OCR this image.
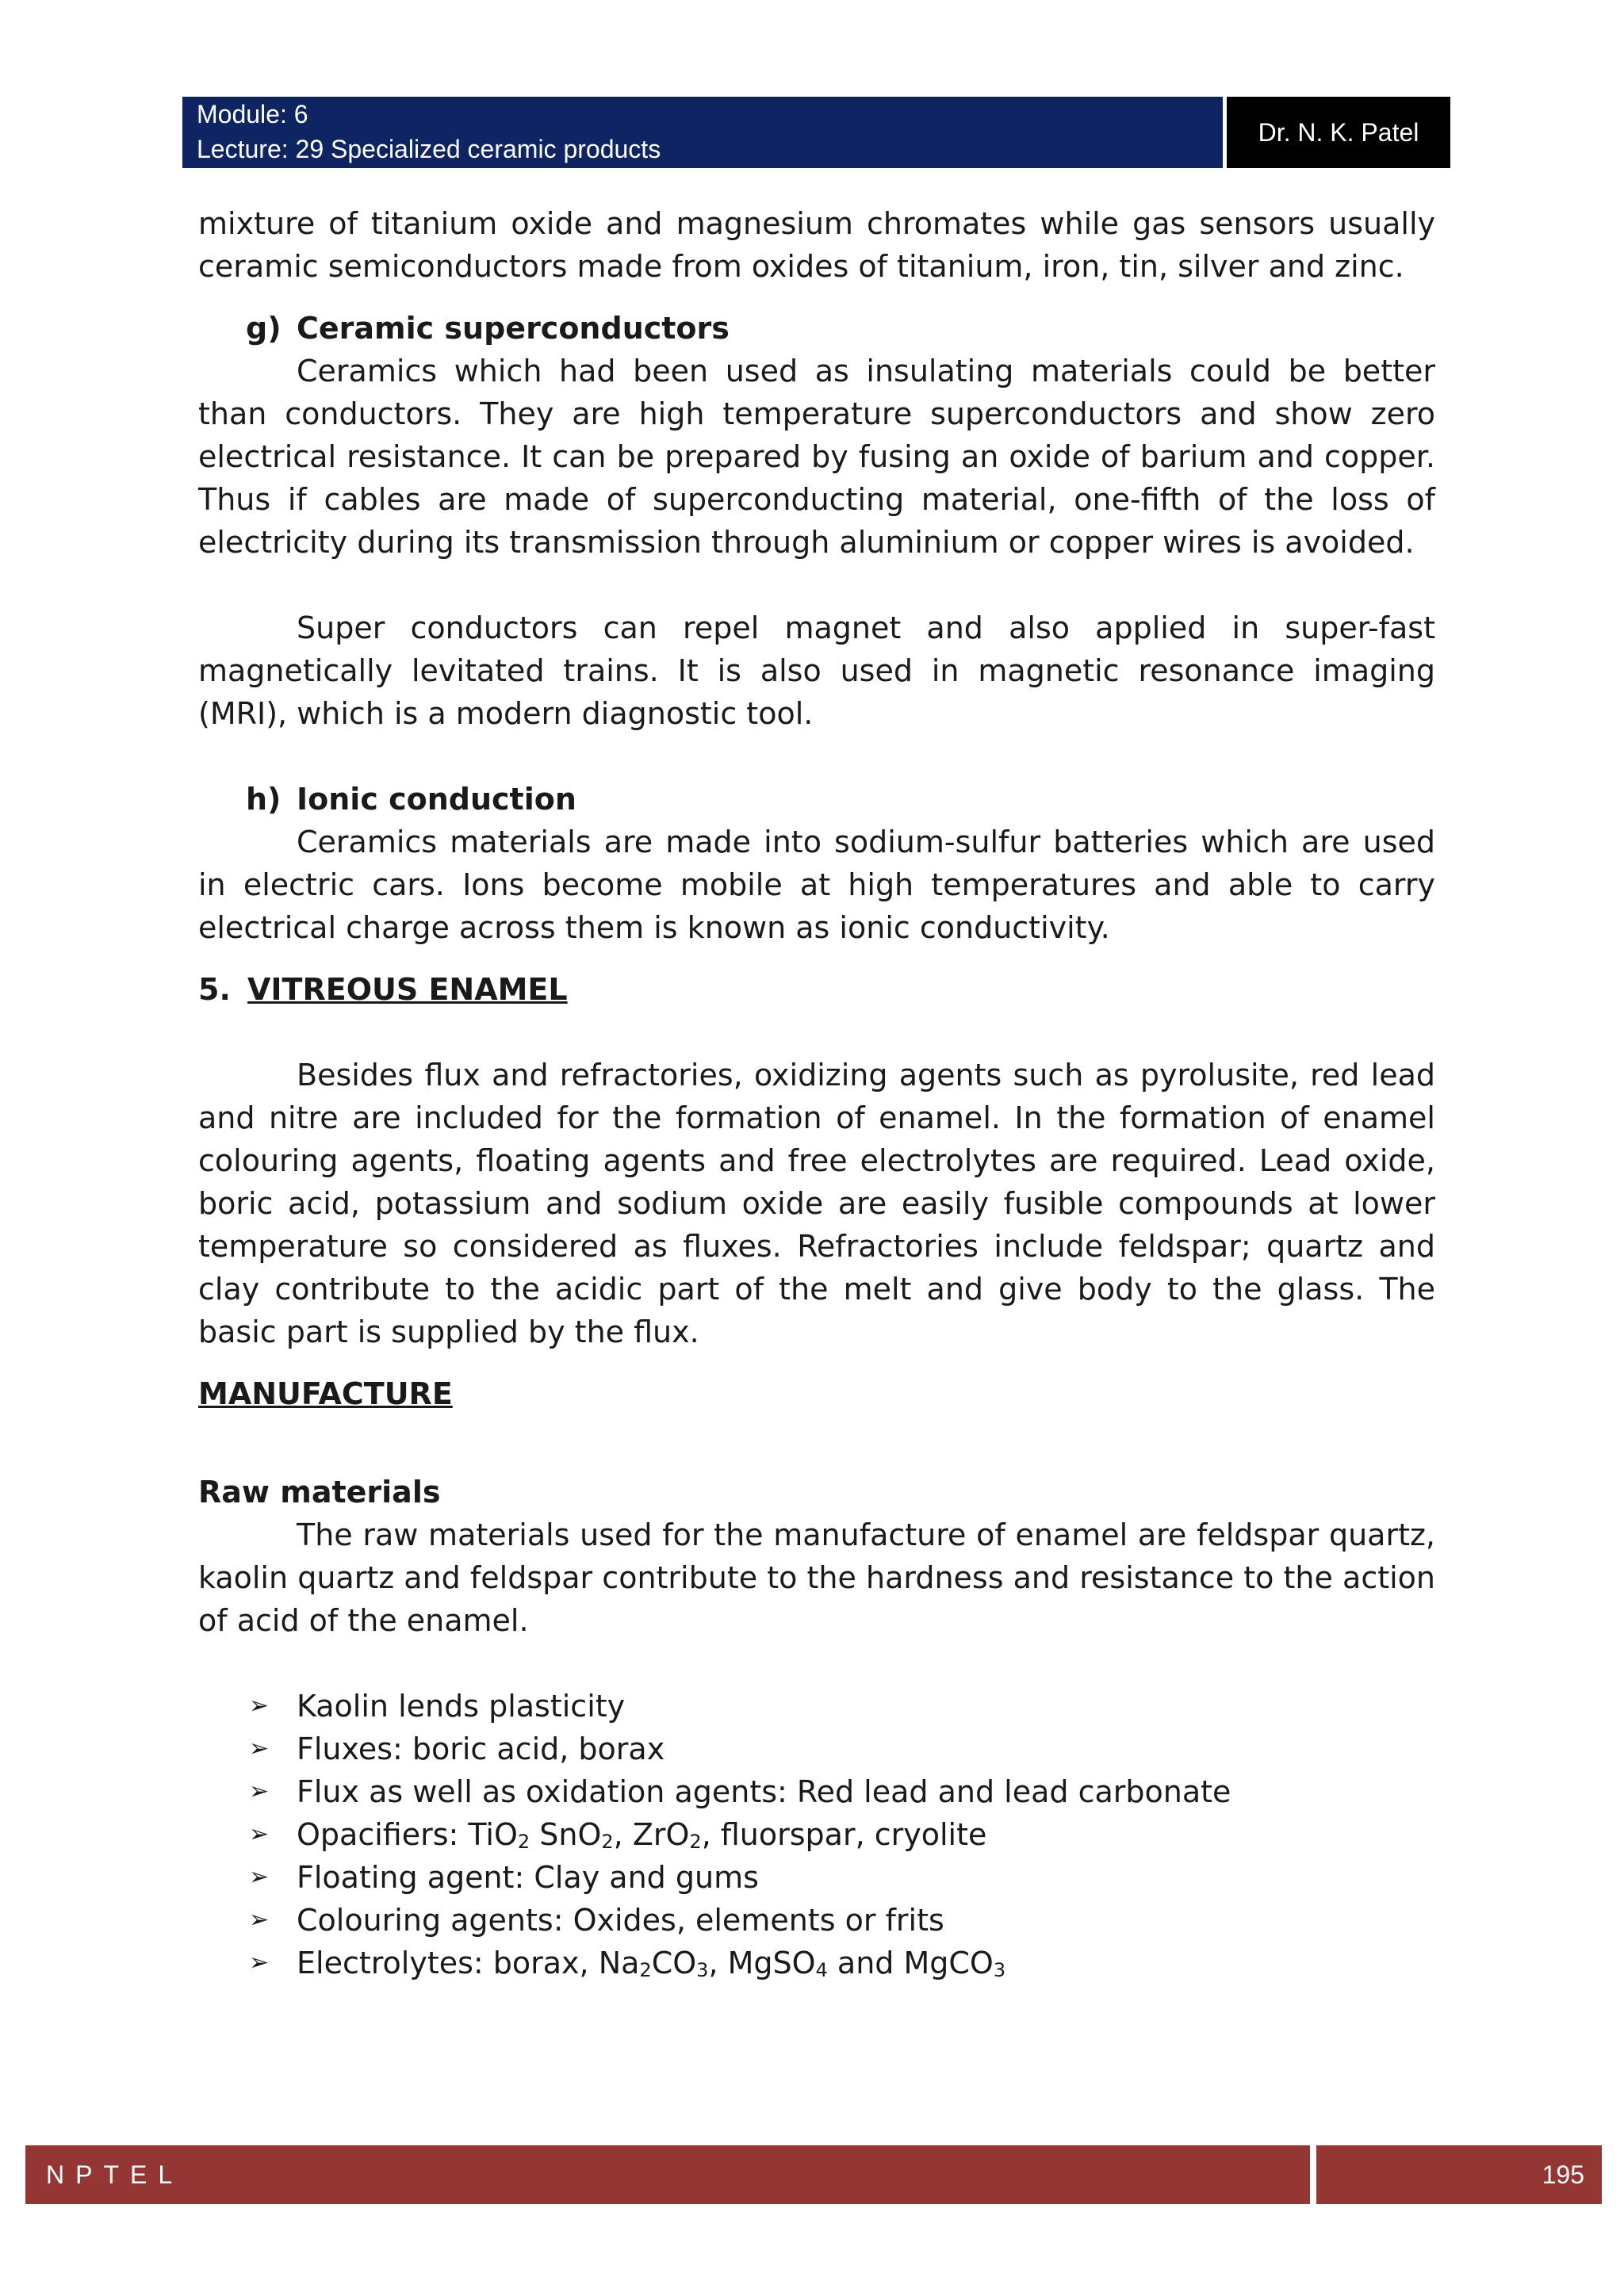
Module: 6
Lecture: 29 Specialized ceramic products
Dr. N. K. Patel

mixture of titanium oxide and magnesium chromates while gas sensors usually ceramic semiconductors made from oxides of titanium, iron, tin, silver and zinc.

g) Ceramic superconductors

Ceramics which had been used as insulating materials could be better than conductors. They are high temperature superconductors and show zero electrical resistance. It can be prepared by fusing an oxide of barium and copper. Thus if cables are made of superconducting material, one-fifth of the loss of electricity during its transmission through aluminium or copper wires is avoided.

Super conductors can repel magnet and also applied in super-fast magnetically levitated trains. It is also used in magnetic resonance imaging (MRI), which is a modern diagnostic tool.

h) Ionic conduction

Ceramics materials are made into sodium-sulfur batteries which are used in electric cars. Ions become mobile at high temperatures and able to carry electrical charge across them is known as ionic conductivity.

5. VITREOUS ENAMEL

Besides flux and refractories, oxidizing agents such as pyrolusite, red lead and nitre are included for the formation of enamel. In the formation of enamel colouring agents, floating agents and free electrolytes are required. Lead oxide, boric acid, potassium and sodium oxide are easily fusible compounds at lower temperature so considered as fluxes. Refractories include feldspar; quartz and clay contribute to the acidic part of the melt and give body to the glass. The basic part is supplied by the flux.

MANUFACTURE
Raw materials

The raw materials used for the manufacture of enamel are feldspar quartz, kaolin quartz and feldspar contribute to the hardness and resistance to the action of acid of the enamel.

➢ Kaolin lends plasticity
➢ Fluxes: boric acid, borax
➢ Flux as well as oxidation agents: Red lead and lead carbonate
➢ Opacifiers: TiO$_2$ SnO$_2$, ZrO$_2$, fluorspar, cryolite
➢ Floating agent: Clay and gums
➢ Colouring agents: Oxides, elements or frits
➢ Electrolytes: borax, $Na_2CO_3$, MgSO$_4$ and MgCO$_3$
NPTEL	195
